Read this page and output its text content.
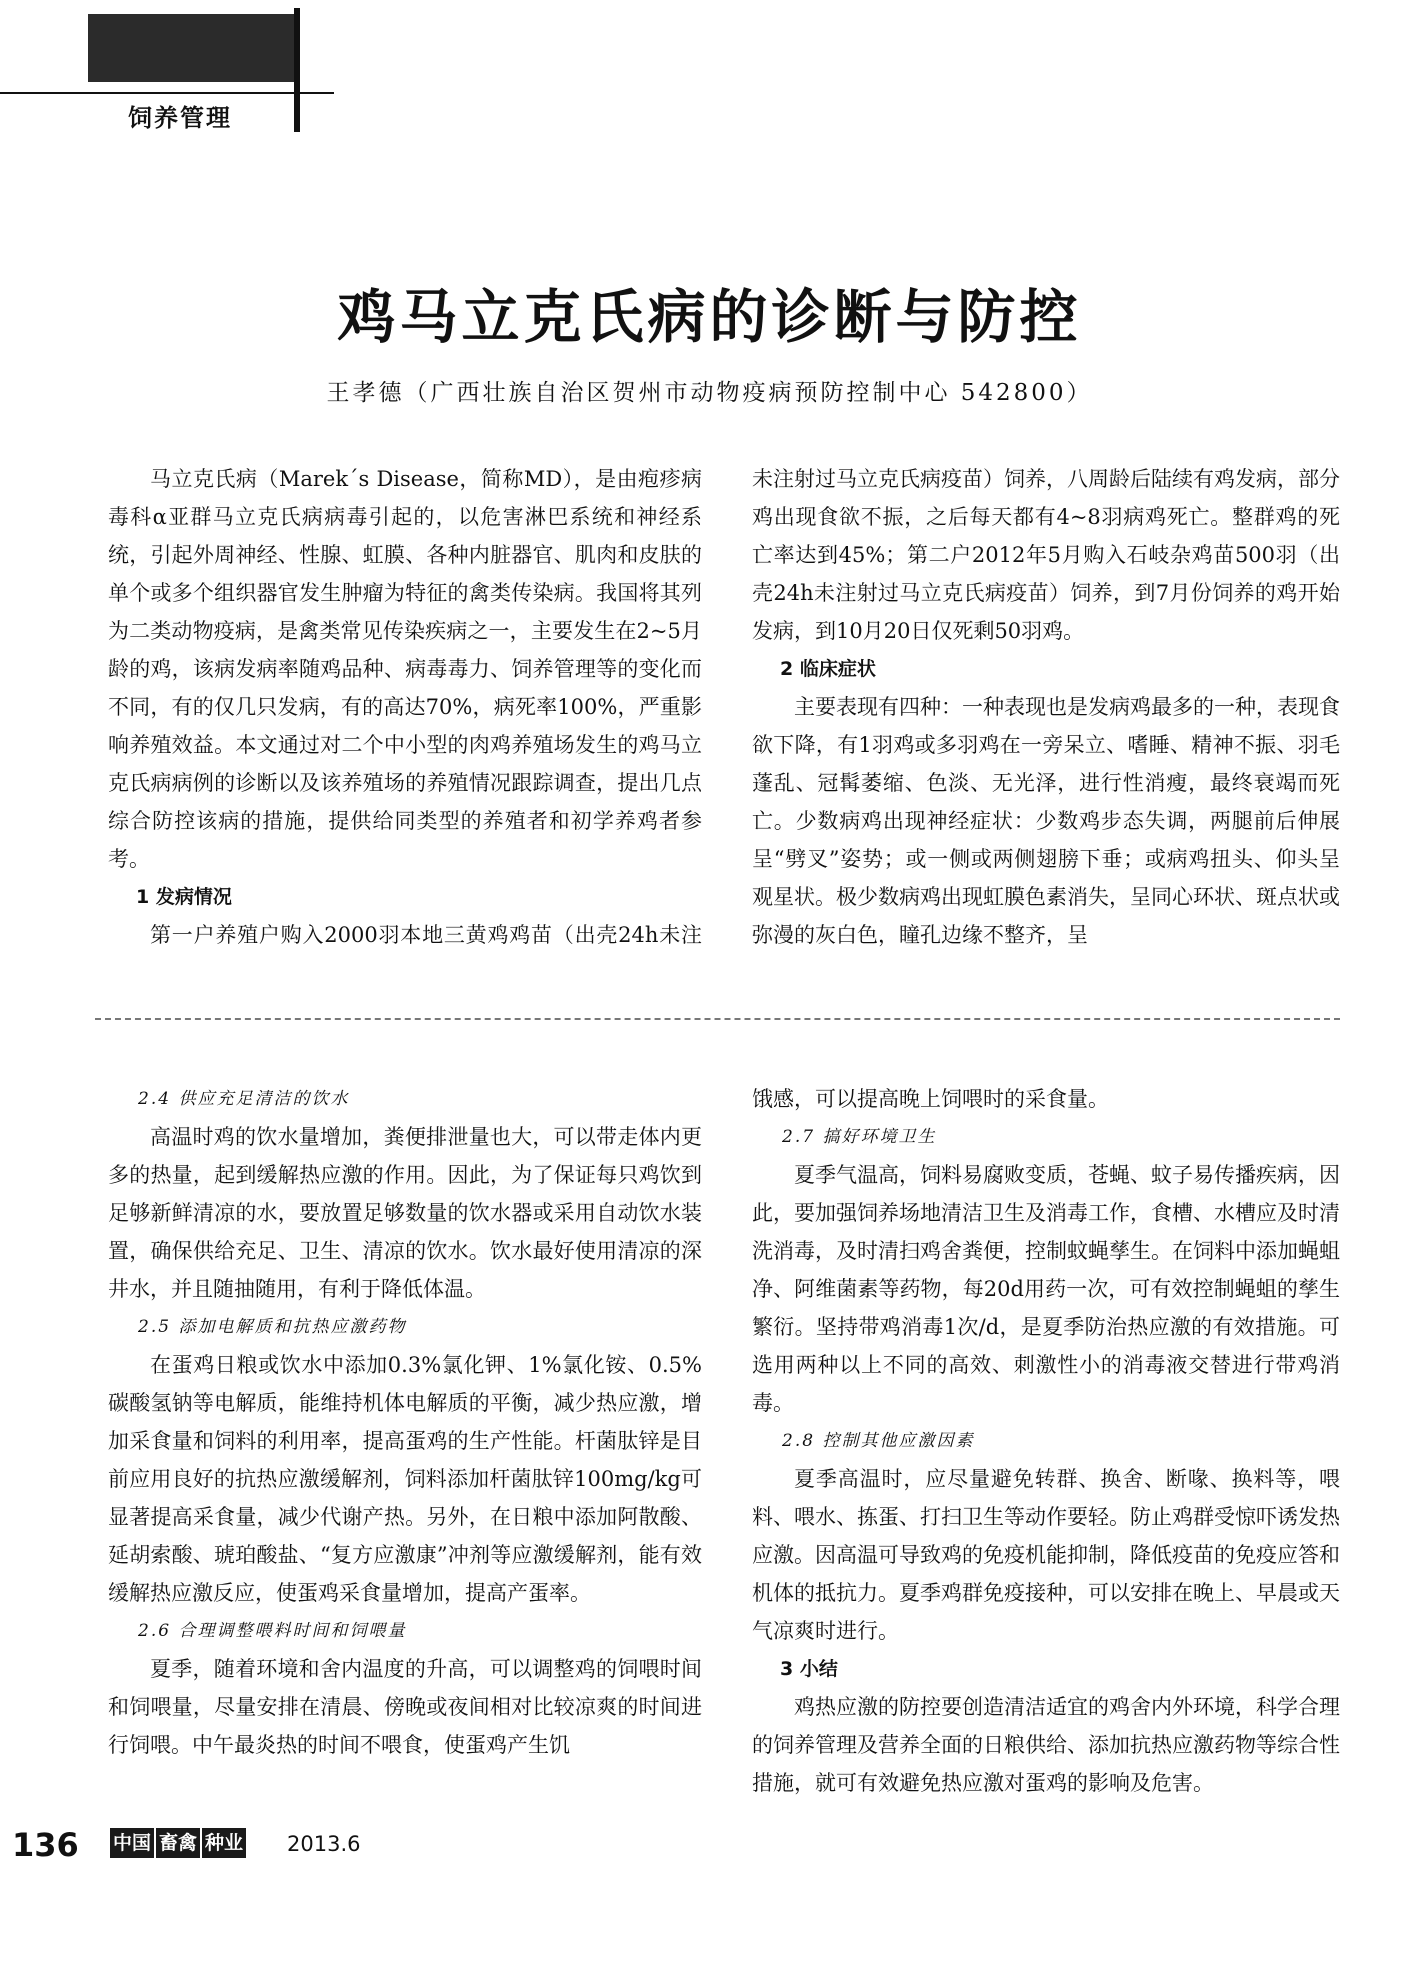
饲养管理
鸡马立克氏病的诊断与防控
王孝德（广西壮族自治区贺州市动物疫病预防控制中心 542800）

马立克氏病（Marek´s Disease，简称MD），是由疱疹病毒科α亚群马立克氏病病毒引起的，以危害淋巴系统和神经系统，引起外周神经、性腺、虹膜、各种内脏器官、肌肉和皮肤的单个或多个组织器官发生肿瘤为特征的禽类传染病。我国将其列为二类动物疫病，是禽类常见传染疾病之一，主要发生在2~5月龄的鸡，该病发病率随鸡品种、病毒毒力、饲养管理等的变化而不同，有的仅几只发病，有的高达70%，病死率100%，严重影响养殖效益。本文通过对二个中小型的肉鸡养殖场发生的鸡马立克氏病病例的诊断以及该养殖场的养殖情况跟踪调查，提出几点综合防控该病的措施，提供给同类型的养殖者和初学养鸡者参考。

1 发病情况

第一户养殖户购入2000羽本地三黄鸡鸡苗（出壳24h未注

未注射过马立克氏病疫苗）饲养，八周龄后陆续有鸡发病，部分鸡出现食欲不振，之后每天都有4~8羽病鸡死亡。整群鸡的死亡率达到45%；第二户2012年5月购入石岐杂鸡苗500羽（出壳24h未注射过马立克氏病疫苗）饲养，到7月份饲养的鸡开始发病，到10月20日仅死剩50羽鸡。

2 临床症状

主要表现有四种：一种表现也是发病鸡最多的一种，表现食欲下降，有1羽鸡或多羽鸡在一旁呆立、嗜睡、精神不振、羽毛蓬乱、冠髯萎缩、色淡、无光泽，进行性消瘦，最终衰竭而死亡。少数病鸡出现神经症状：少数鸡步态失调，两腿前后伸展呈“劈叉”姿势；或一侧或两侧翅膀下垂；或病鸡扭头、仰头呈观星状。极少数病鸡出现虹膜色素消失，呈同心环状、斑点状或弥漫的灰白色，瞳孔边缘不整齐，呈

2.4 供应充足清洁的饮水

高温时鸡的饮水量增加，粪便排泄量也大，可以带走体内更多的热量，起到缓解热应激的作用。因此，为了保证每只鸡饮到足够新鲜清凉的水，要放置足够数量的饮水器或采用自动饮水装置，确保供给充足、卫生、清凉的饮水。饮水最好使用清凉的深井水，并且随抽随用，有利于降低体温。

2.5 添加电解质和抗热应激药物

在蛋鸡日粮或饮水中添加0.3%氯化钾、1%氯化铵、0.5%碳酸氢钠等电解质，能维持机体电解质的平衡，减少热应激，增加采食量和饲料的利用率，提高蛋鸡的生产性能。杆菌肽锌是目前应用良好的抗热应激缓解剂，饲料添加杆菌肽锌100mg/kg可显著提高采食量，减少代谢产热。另外，在日粮中添加阿散酸、延胡索酸、琥珀酸盐、“复方应激康”冲剂等应激缓解剂，能有效缓解热应激反应，使蛋鸡采食量增加，提高产蛋率。

2.6 合理调整喂料时间和饲喂量

夏季，随着环境和舍内温度的升高，可以调整鸡的饲喂时间和饲喂量，尽量安排在清晨、傍晚或夜间相对比较凉爽的时间进行饲喂。中午最炎热的时间不喂食，使蛋鸡产生饥

饿感，可以提高晚上饲喂时的采食量。

2.7 搞好环境卫生

夏季气温高，饲料易腐败变质，苍蝇、蚊子易传播疾病，因此，要加强饲养场地清洁卫生及消毒工作，食槽、水槽应及时清洗消毒，及时清扫鸡舍粪便，控制蚊蝇孳生。在饲料中添加蝇蛆净、阿维菌素等药物，每20d用药一次，可有效控制蝇蛆的孳生繁衍。坚持带鸡消毒1次/d，是夏季防治热应激的有效措施。可选用两种以上不同的高效、刺激性小的消毒液交替进行带鸡消毒。

2.8 控制其他应激因素

夏季高温时，应尽量避免转群、换舍、断喙、换料等，喂料、喂水、拣蛋、打扫卫生等动作要轻。防止鸡群受惊吓诱发热应激。因高温可导致鸡的免疫机能抑制，降低疫苗的免疫应答和机体的抵抗力。夏季鸡群免疫接种，可以安排在晚上、早晨或天气凉爽时进行。

3 小结

鸡热应激的防控要创造清洁适宜的鸡舍内外环境，科学合理的饲养管理及营养全面的日粮供给、添加抗热应激药物等综合性措施，就可有效避免热应激对蛋鸡的影响及危害。

136 中国 畜禽 种业 2013.6
